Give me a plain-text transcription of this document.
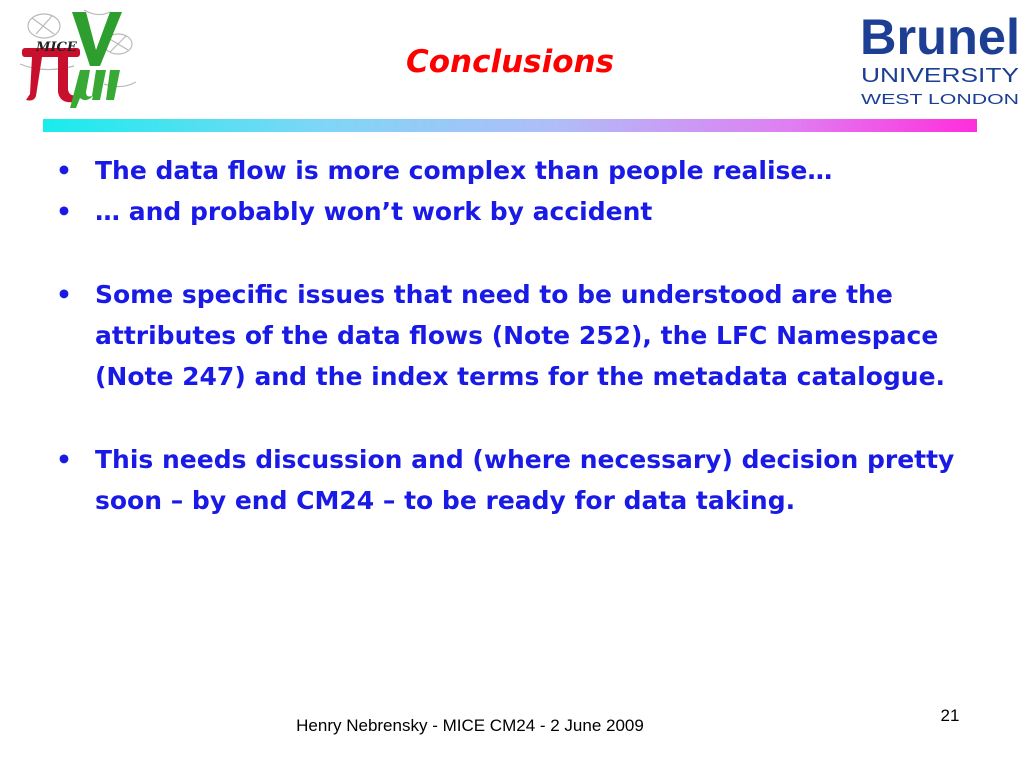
MICE	Brunel
UNIVERSITY
WEST LONDON
Conclusions
• The data flow is more complex than people realise…
• … and probably won’t work by accident
• Some specific issues that need to be understood are the attributes of the data flows (Note 252), the LFC Namespace (Note 247) and the index terms for the metadata catalogue.
• This needs discussion and (where necessary) decision pretty soon – by end CM24 – to be ready for data taking.
Henry Nebrensky - MICE CM24 - 2 June 2009
21
